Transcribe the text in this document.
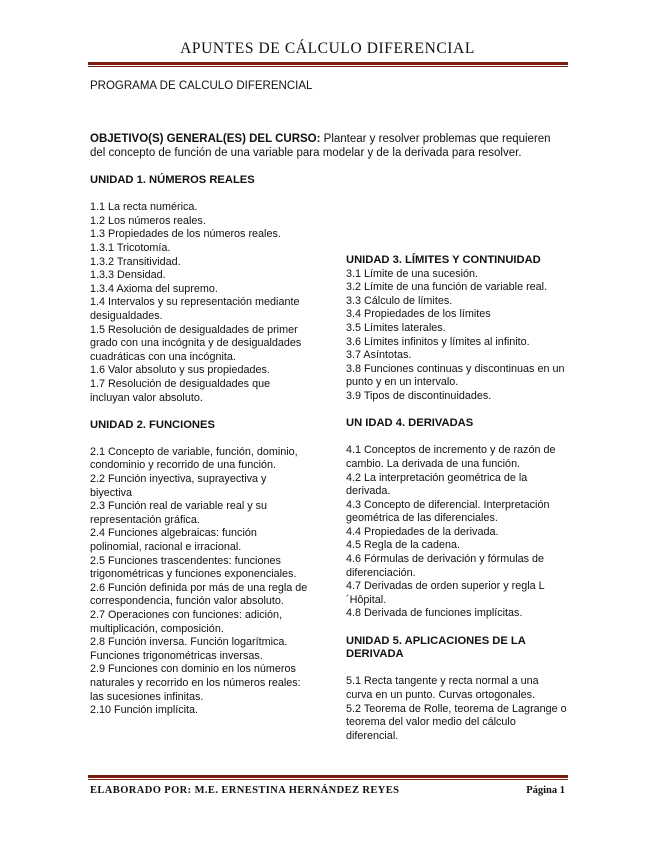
APUNTES DE CÁLCULO DIFERENCIAL
PROGRAMA DE CALCULO DIFERENCIAL
OBJETIVO(S) GENERAL(ES) DEL CURSO: Plantear y resolver problemas que requieren del concepto de función de una variable para modelar y de la derivada para resolver.

UNIDAD 1. NÚMEROS REALES

1.1 La recta numérica.
1.2 Los números reales.
1.3 Propiedades de los números reales.
1.3.1 Tricotomía.
1.3.2 Transitividad.
1.3.3 Densidad.
1.3.4 Axioma del supremo.
1.4 Intervalos y su representación mediante desigualdades.
1.5 Resolución de desigualdades de primer grado con una incógnita y de desigualdades cuadráticas con una incógnita.
1.6 Valor absoluto y sus propiedades.
1.7 Resolución de desigualdades que incluyan valor absoluto.

UNIDAD 2. FUNCIONES

2.1 Concepto de variable, función, dominio, condominio y recorrido de una función.
2.2 Función inyectiva, suprayectiva y biyectiva
2.3 Función real de variable real y su representación gráfica.
2.4 Funciones algebraicas: función polinomial, racional e irracional.
2.5 Funciones trascendentes: funciones trigonométricas y funciones exponenciales.
2.6 Función definida por más de una regla de correspondencia, función valor absoluto.
2.7 Operaciones con funciones: adición, multiplicación, composición.
2.8 Función inversa. Función logarítmica. Funciones trigonométricas inversas.
2.9 Funciones con dominio en los números naturales y recorrido en los números reales: las sucesiones infinitas.
2.10 Función implícita.

UNIDAD 3. LÍMITES Y CONTINUIDAD

3.1 Límite de una sucesión.
3.2 Límite de una función de variable real.
3.3 Cálculo de límites.
3.4 Propiedades de los límites
3.5 Límites laterales.
3.6 Límites infinitos y límites al infinito.
3.7 Asíntotas.
3.8 Funciones continuas y discontinuas en un punto y en un intervalo.
3.9 Tipos de discontinuidades.

UN IDAD 4. DERIVADAS

4.1 Conceptos de incremento y de razón de cambio. La derivada de una función.
4.2 La interpretación geométrica de la derivada.
4.3 Concepto de diferencial. Interpretación geométrica de las diferenciales.
4.4 Propiedades de la derivada.
4.5 Regla de la cadena.
4.6 Fórmulas de derivación y fórmulas de diferenciación.
4.7 Derivadas de orden superior y regla L´Hôpital.
4.8 Derivada de funciones implícitas.

UNIDAD 5. APLICACIONES DE LA DERIVADA

5.1 Recta tangente y recta normal a una curva en un punto. Curvas ortogonales.
5.2 Teorema de Rolle, teorema de Lagrange o teorema del valor medio del cálculo diferencial.
ELABORADO POR: M.E. ERNESTINA HERNÁNDEZ REYES	Página 1
